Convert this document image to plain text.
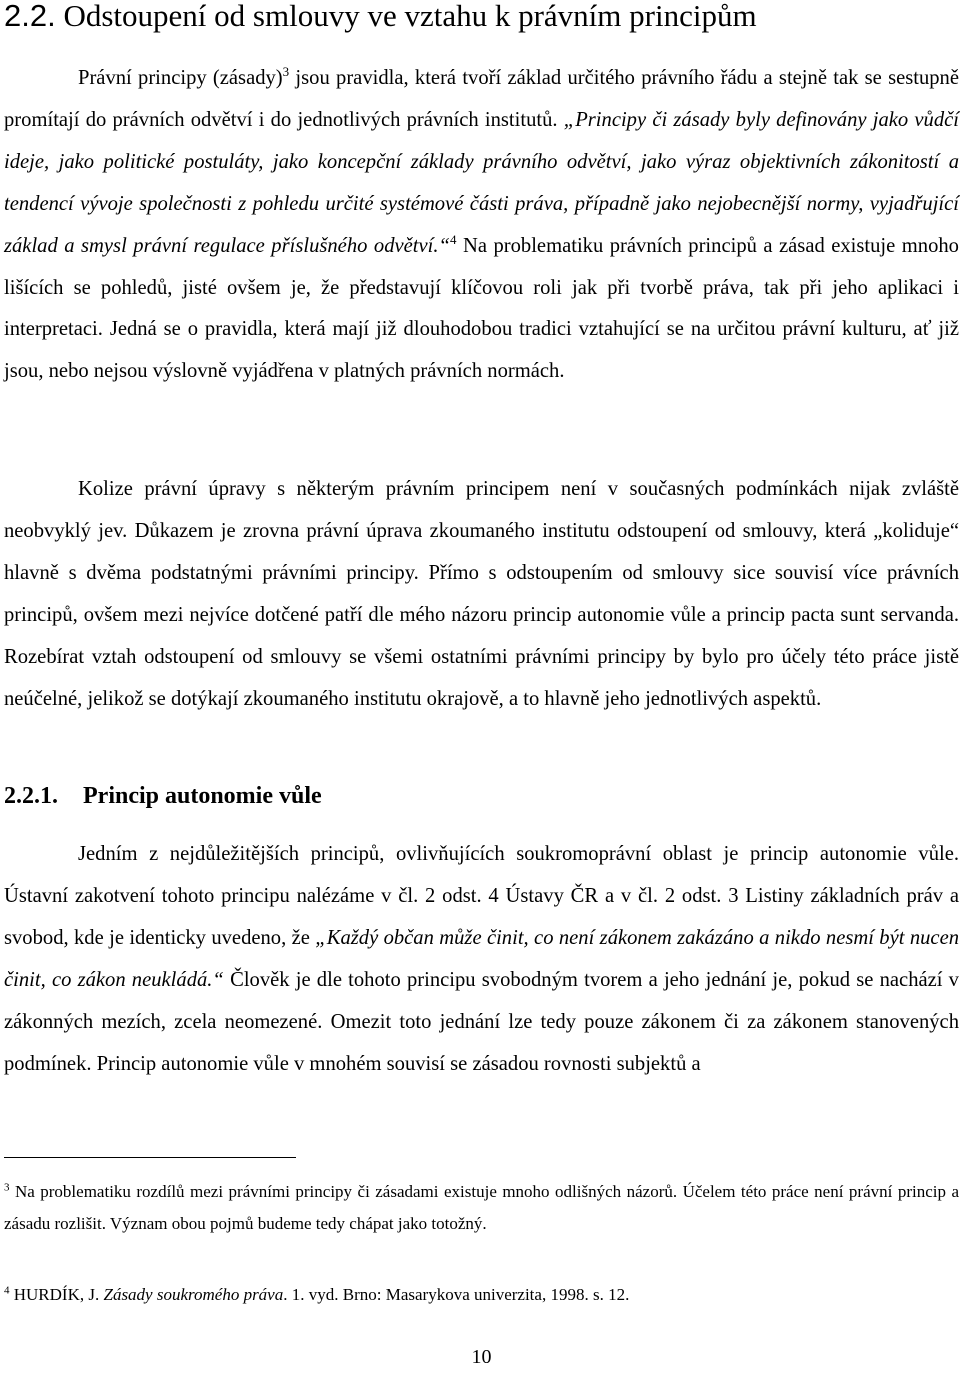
2.2. Odstoupení od smlouvy ve vztahu k právním principům

Právní principy (zásady)$^3$ jsou pravidla, která tvoří základ určitého právního řádu a stejně tak se sestupně promítají do právních odvětví i do jednotlivých právních institutů. „Principy či zásady byly definovány jako vůdčí ideje, jako politické postuláty, jako koncepční základy právního odvětví, jako výraz objektivních zákonitostí a tendencí vývoje společnosti z pohledu určité systémové části práva, případně jako nejobecnější normy, vyjadřující základ a smysl právní regulace příslušného odvětví.“$^4$ Na problematiku právních principů a zásad existuje mnoho lišících se pohledů, jisté ovšem je, že představují klíčovou roli jak při tvorbě práva, tak při jeho aplikaci i interpretaci. Jedná se o pravidla, která mají již dlouhodobou tradici vztahující se na určitou právní kulturu, ať již jsou, nebo nejsou výslovně vyjádřena v platných právních normách.

Kolize právní úpravy s některým právním principem není v současných podmínkách nijak zvláště neobvyklý jev. Důkazem je zrovna právní úprava zkoumaného institutu odstoupení od smlouvy, která „koliduje“ hlavně s dvěma podstatnými právními principy. Přímo s odstoupením od smlouvy sice souvisí více právních principů, ovšem mezi nejvíce dotčené patří dle mého názoru princip autonomie vůle a princip pacta sunt servanda. Rozebírat vztah odstoupení od smlouvy se všemi ostatními právními principy by bylo pro účely této práce jistě neúčelné, jelikož se dotýkají zkoumaného institutu okrajově, a to hlavně jeho jednotlivých aspektů.

2.2.1. Princip autonomie vůle

Jedním z nejdůležitějších principů, ovlivňujících soukromoprávní oblast je princip autonomie vůle. Ústavní zakotvení tohoto principu nalézáme v čl. 2 odst. 4 Ústavy ČR a v čl. 2 odst. 3 Listiny základních práv a svobod, kde je identicky uvedeno, že „Každý občan může činit, co není zákonem zakázáno a nikdo nesmí být nucen činit, co zákon neukládá.“ Člověk je dle tohoto principu svobodným tvorem a jeho jednání je, pokud se nachází v zákonných mezích, zcela neomezené. Omezit toto jednání lze tedy pouze zákonem či za zákonem stanovených podmínek. Princip autonomie vůle v mnohém souvisí se zásadou rovnosti subjektů a

$^3$ Na problematiku rozdílů mezi právními principy či zásadami existuje mnoho odlišných názorů. Účelem této práce není právní princip a zásadu rozlišit. Význam obou pojmů budeme tedy chápat jako totožný.

$^4$ HURDÍK, J. Zásady soukromého práva. 1. vyd. Brno: Masarykova univerzita, 1998. s. 12.

10
